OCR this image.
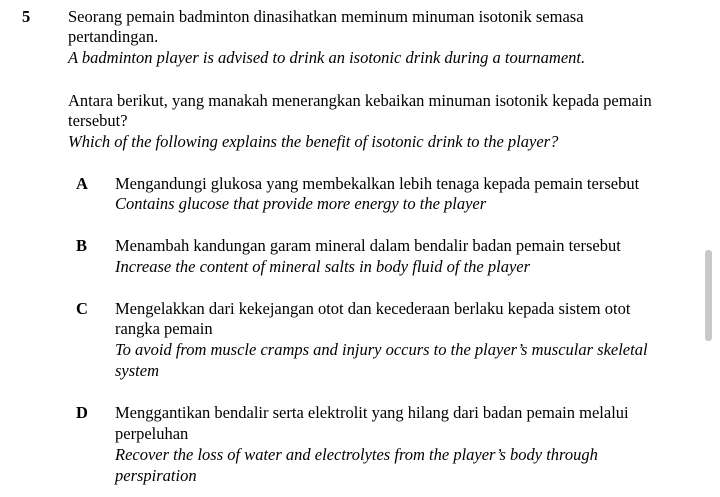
5 Seorang pemain badminton dinasihatkan meminum minuman isotonik semasa
pertandingan.
A badminton player is advised to drink an isotonic drink during a tournament.
Antara berikut, yang manakah menerangkan kebaikan minuman isotonik kepada pemain
tersebut?
Which of the following explains the benefit of isotonic drink to the player?
A Mengandungi glukosa yang membekalkan lebih tenaga kepada pemain tersebut
Contains glucose that provide more energy to the player
B Menambah kandungan garam mineral dalam bendalir badan pemain tersebut
Increase the content of mineral salts in body fluid of the player
C Mengelakkan dari kekejangan otot dan kecederaan berlaku kepada sistem otot
rangka pemain
To avoid from muscle cramps and injury occurs to the player’s muscular skeletal
system
D Menggantikan bendalir serta elektrolit yang hilang dari badan pemain melalui
perpeluhan
Recover the loss of water and electrolytes from the player’s body through
perspiration
